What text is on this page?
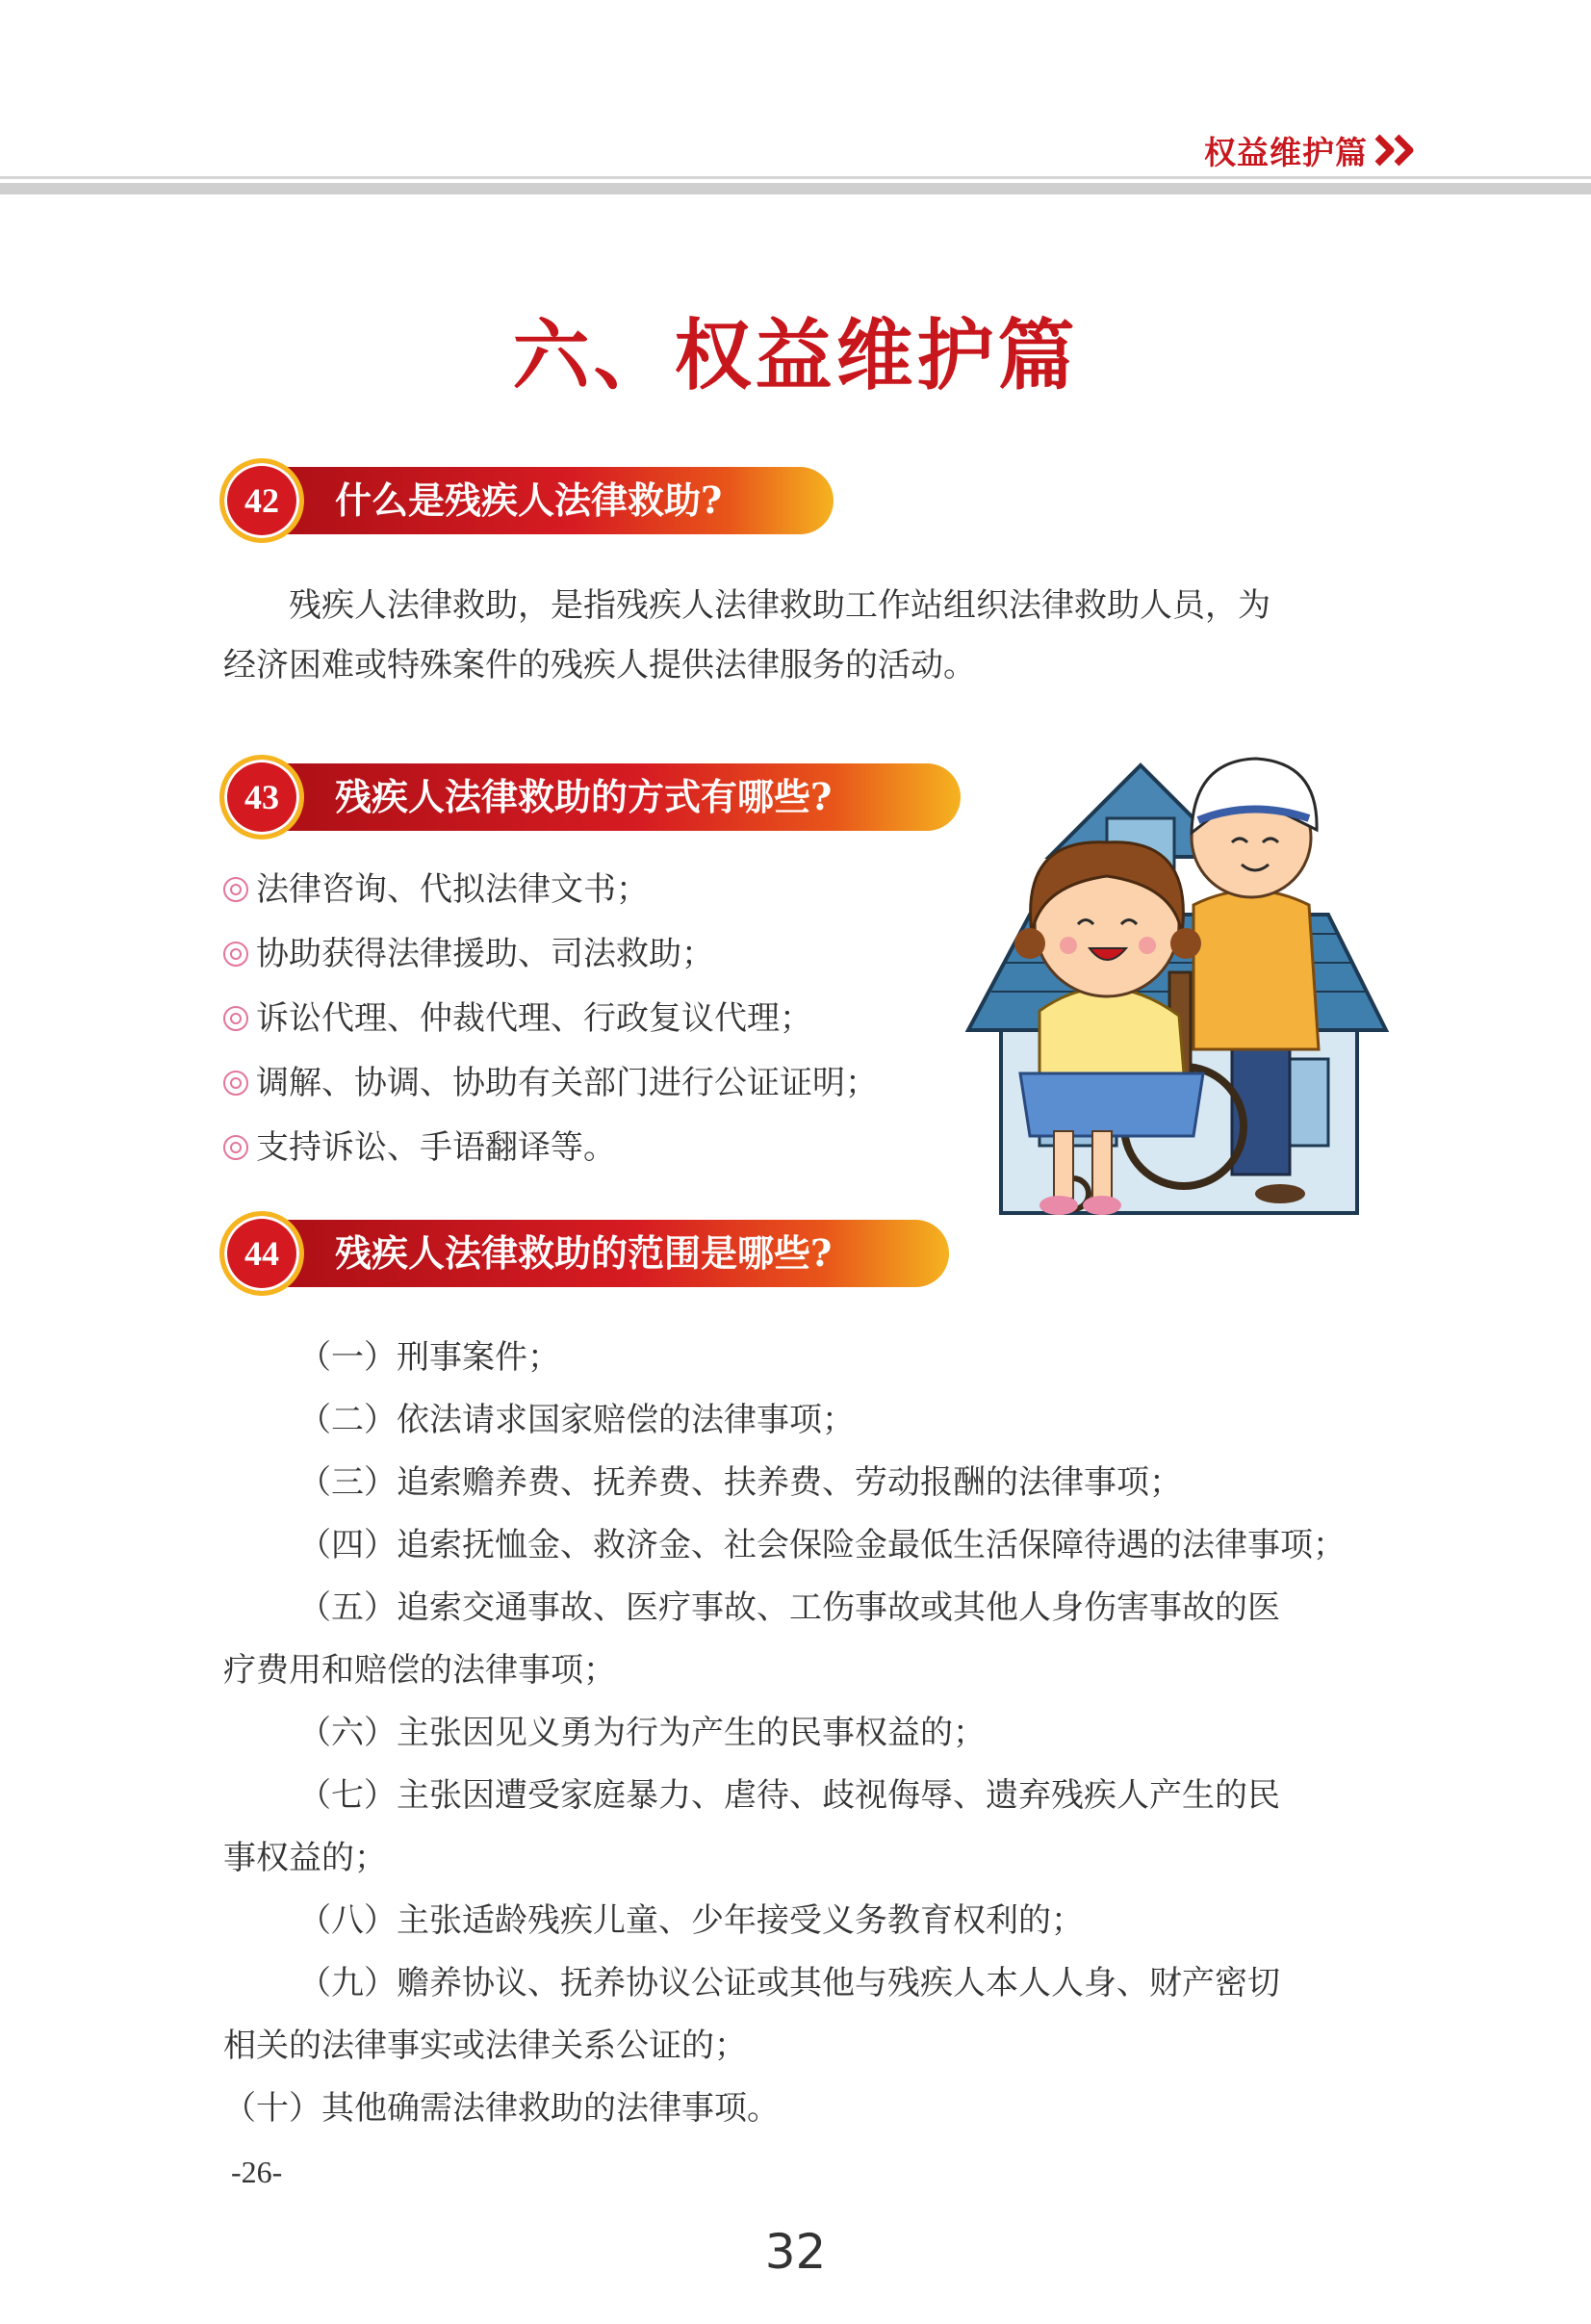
权益维护篇
六、权益维护篇
42	什么是残疾人法律救助?
残疾人法律救助，是指残疾人法律救助工作站组织法律救助人员，为
经济困难或特殊案件的残疾人提供法律服务的活动。
43	残疾人法律救助的方式有哪些?
法律咨询、代拟法律文书；
协助获得法律援助、司法救助；
诉讼代理、仲裁代理、行政复议代理；
调解、协调、协助有关部门进行公证证明；
支持诉讼、手语翻译等。
44	残疾人法律救助的范围是哪些?
（一）刑事案件；
（二）依法请求国家赔偿的法律事项；
（三）追索赡养费、抚养费、扶养费、劳动报酬的法律事项；
（四）追索抚恤金、救济金、社会保险金最低生活保障待遇的法律事项；
（五）追索交通事故、医疗事故、工伤事故或其他人身伤害事故的医
疗费用和赔偿的法律事项；
（六）主张因见义勇为行为产生的民事权益的；
（七）主张因遭受家庭暴力、虐待、歧视侮辱、遗弃残疾人产生的民
事权益的；
（八）主张适龄残疾儿童、少年接受义务教育权利的；
（九）赡养协议、抚养协议公证或其他与残疾人本人人身、财产密切
相关的法律事实或法律关系公证的；
（十）其他确需法律救助的法律事项。
-26-
32
